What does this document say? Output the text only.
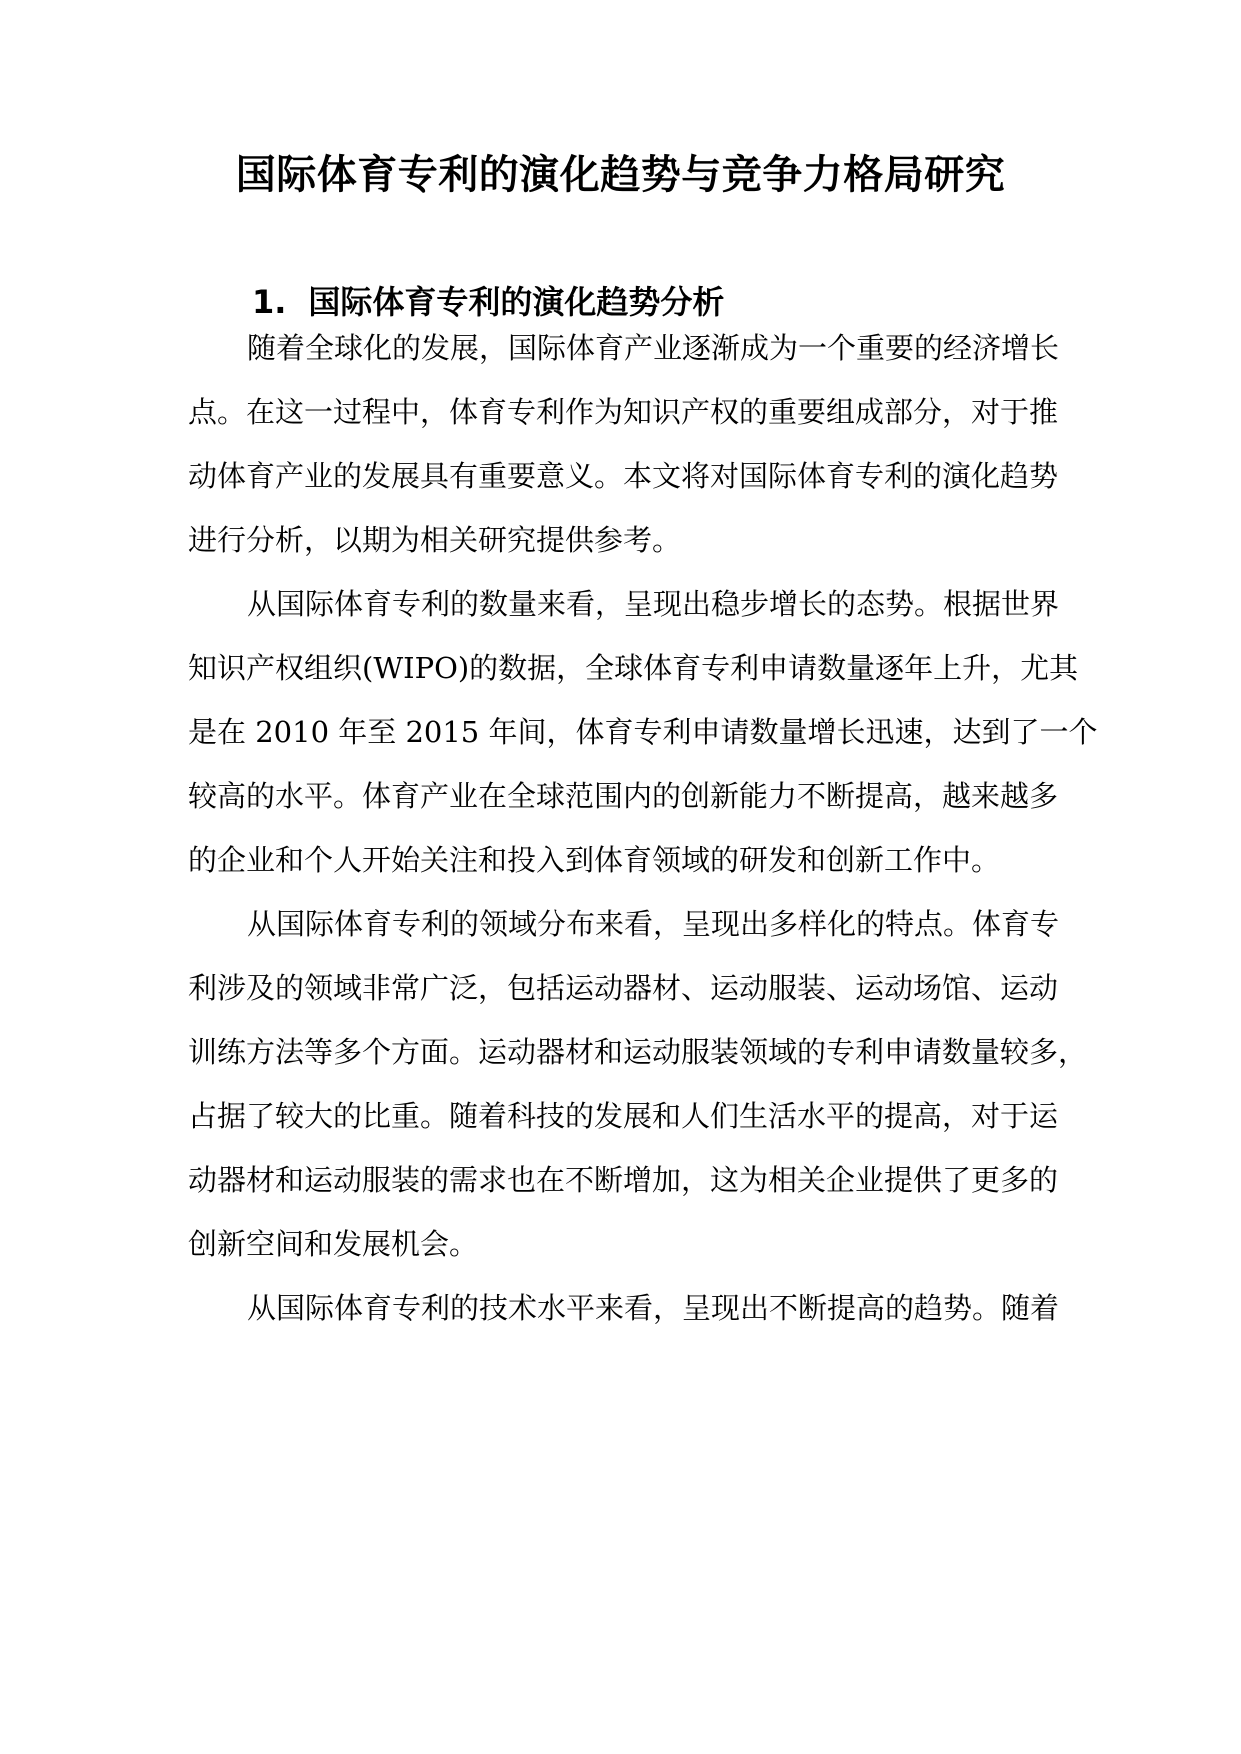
国际体育专利的演化趋势与竞争力格局研究
1. 国际体育专利的演化趋势分析
随着全球化的发展，国际体育产业逐渐成为一个重要的经济增长
点。在这一过程中，体育专利作为知识产权的重要组成部分，对于推
动体育产业的发展具有重要意义。本文将对国际体育专利的演化趋势
进行分析，以期为相关研究提供参考。
从国际体育专利的数量来看，呈现出稳步增长的态势。根据世界
知识产权组织(WIPO)的数据，全球体育专利申请数量逐年上升，尤其
是在 2010 年至 2015 年间，体育专利申请数量增长迅速，达到了一个
较高的水平。体育产业在全球范围内的创新能力不断提高，越来越多
的企业和个人开始关注和投入到体育领域的研发和创新工作中。
从国际体育专利的领域分布来看，呈现出多样化的特点。体育专
利涉及的领域非常广泛，包括运动器材、运动服装、运动场馆、运动
训练方法等多个方面。运动器材和运动服装领域的专利申请数量较多，
占据了较大的比重。随着科技的发展和人们生活水平的提高，对于运
动器材和运动服装的需求也在不断增加，这为相关企业提供了更多的
创新空间和发展机会。
从国际体育专利的技术水平来看，呈现出不断提高的趋势。随着
